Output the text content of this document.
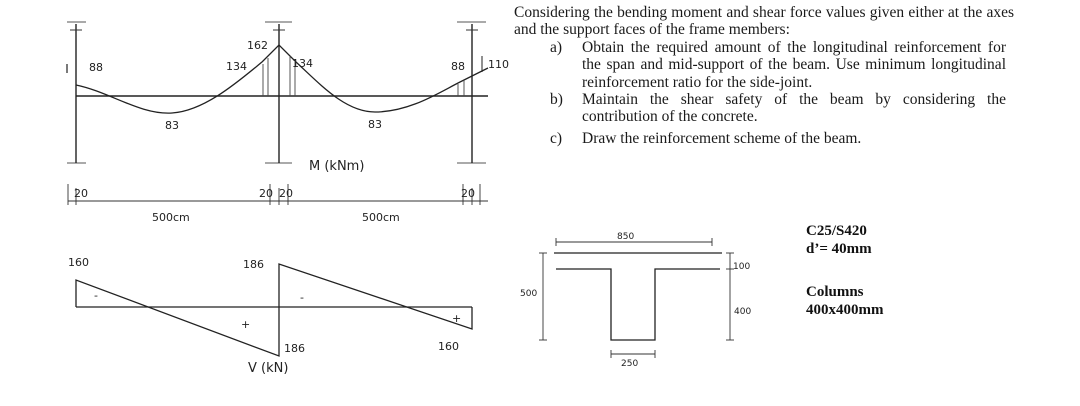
88
83
134
162
134
83
88 110
M (kNm)
20	20 20	20
500cm	500cm
160	186
186	160
-
+
-
+
V (kN)
850
500
100
400
250
Considering the bending moment and shear force values given either at the axes and the support faces of the frame members:
a)	Obtain the required amount of the longitudinal reinforcement for the span and mid-support of the beam. Use minimum longitudinal reinforcement ratio for the side-joint.
b)	Maintain the shear safety of the beam by considering the contribution of the concrete.
c)	Draw the reinforcement scheme of the beam.
C25/S420
d’= 40mm
Columns
400x400mm
